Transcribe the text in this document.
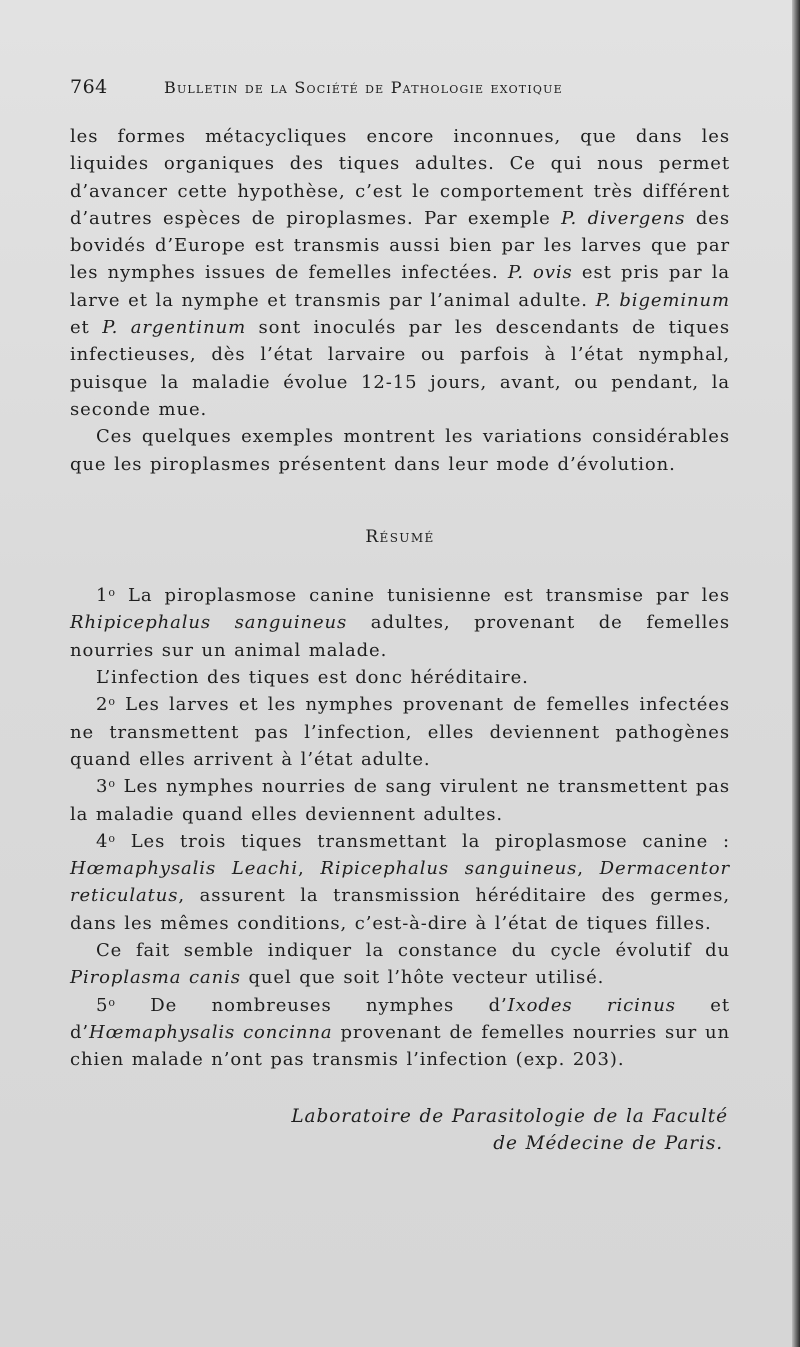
764	Bulletin de la Société de Pathologie exotique

les formes métacycliques encore inconnues, que dans les liquides organiques des tiques adultes. Ce qui nous permet d’avancer cette hypothèse, c’est le comportement très différent d’autres espèces de piroplasmes. Par exemple P. divergens des bovidés d’Europe est transmis aussi bien par les larves que par les nymphes issues de femelles infectées. P. ovis est pris par la larve et la nymphe et transmis par l’animal adulte. P. bigeminum et P. argentinum sont inoculés par les descendants de tiques infectieuses, dès l’état larvaire ou parfois à l’état nymphal, puisque la maladie évolue 12-15 jours, avant, ou pendant, la seconde mue.

Ces quelques exemples montrent les variations considérables que les piroplasmes présentent dans leur mode d’évolution.

Résumé

1$^o$ La piroplasmose canine tunisienne est transmise par les Rhipicephalus sanguineus adultes, provenant de femelles nourries sur un animal malade.

L’infection des tiques est donc héréditaire.

2$^o$ Les larves et les nymphes provenant de femelles infectées ne transmettent pas l’infection, elles deviennent pathogènes quand elles arrivent à l’état adulte.

3$^o$ Les nymphes nourries de sang virulent ne transmettent pas la maladie quand elles deviennent adultes.

4$^o$ Les trois tiques transmettant la piroplasmose canine : Hœmaphysalis Leachi, Ripicephalus sanguineus, Dermacentor reticulatus, assurent la transmission héréditaire des germes, dans les mêmes conditions, c’est-à-dire à l’état de tiques filles.

Ce fait semble indiquer la constance du cycle évolutif du Piroplasma canis quel que soit l’hôte vecteur utilisé.

5$^o$ De nombreuses nymphes d’Ixodes ricinus et d’Hœmaphysalis concinna provenant de femelles nourries sur un chien malade n’ont pas transmis l’infection (exp. 203).

Laboratoire de Parasitologie de la Faculté
de Médecine de Paris.
